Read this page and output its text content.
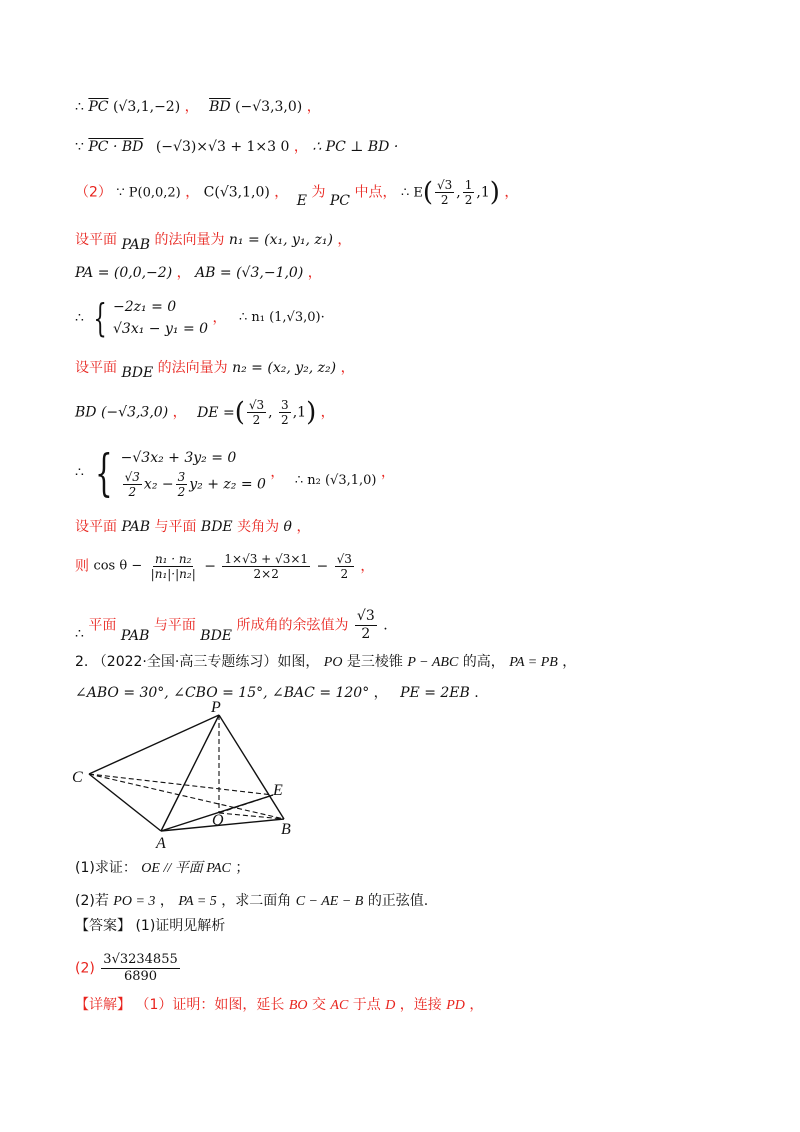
∴ $\overline{PC}$ (√3,1,−2) ， $\overline{BD}$ (−√3,3,0) ，
∵ PC · BD (−√3)×√3 + 1×3 0 ， ∴ PC ⊥ BD ·
（2） ∵ P(0,0,2) ， C(√3,1,0) ， E 为 PC 中点， ∴ $E( \frac{√3}{2}$ , $\frac{1}{2} ,1$) ，
设平面 PAB 的法向量为 n₁ = (x₁, y₁, z₁) ，
PA = (0,0,−2) ， AB = (√3,−1,0) ，
∴ { −2z₁ = 0
√3x₁ − y₁ = 0
， ∴ n₁ (1,√3,0)·
设平面 BDE 的法向量为 n₂ = (x₂, y₂, z₂) ，
BD (−√3,3,0) ， DE =( $\frac{√3}{2}$ , $\frac{3}{2} ,1$) ，
∴ { −√3x₂ + 3y₂ = 0
$\frac{√3}{2} x_2 - \frac{3}{2} y_2 + z_2 = 0$
， ∴ n₂ (√3,1,0) ，
设平面 PAB 与平面 BDE 夹角为 θ ，
则 $\cos \theta - \frac{\text{n₁ · n₂}}{\text{|n₁|·|n₂|}} - \frac{1\times√3 + √3\times 1}{2\times 2} - \frac{√3}{2}$ ，
∴ 平面 PAB 与平面 BDE 所成角的余弦值为 $\frac{√3}{2}$ .
2. （2022·全国·高三专题练习）如图， PO 是三棱锥 P − ABC 的高， PA = PB ，
∠ABO = 30°, ∠CBO = 15°, ∠BAC = 120° ， PE = 2EB .
P
C
E
O
A
B
(1)求证： OE // 平面 PAC ；
(2)若 PO = 3 ， PA = 5 ，求二面角 C − AE − B 的正弦值.
【答案】 (1)证明见解析
$(2) \frac{3√3234855}{6890}$
【详解】 （1）证明：如图，延长 BO 交 AC 于点 D ，连接 PD ，
